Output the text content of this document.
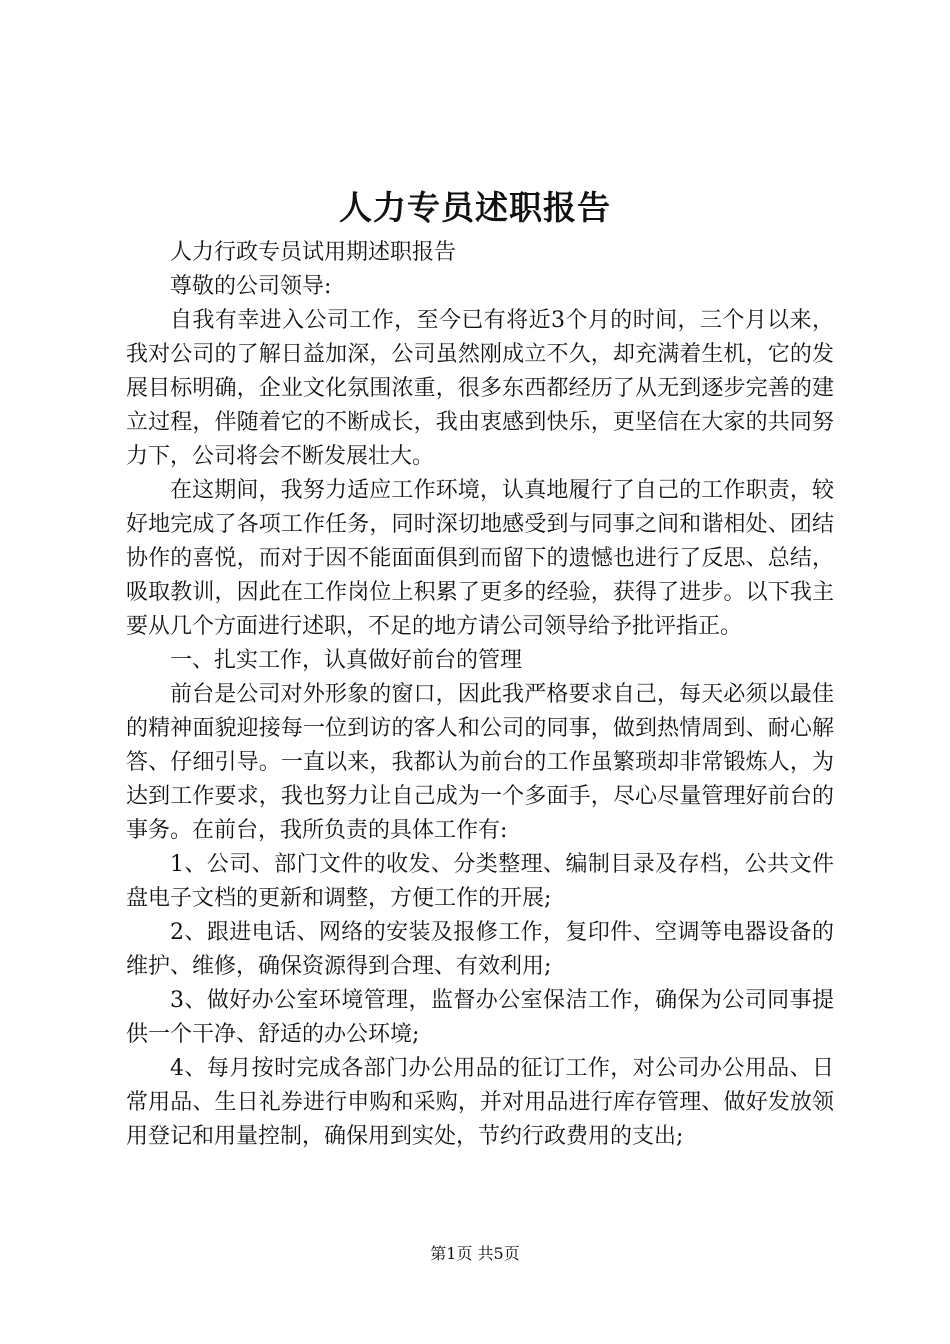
人力专员述职报告

人力行政专员试用期述职报告

尊敬的公司领导:

自我有幸进入公司工作，至今已有将近3个月的时间，三个月以来，我对公司的了解日益加深，公司虽然刚成立不久，却充满着生机，它的发展目标明确，企业文化氛围浓重，很多东西都经历了从无到逐步完善的建立过程，伴随着它的不断成长，我由衷感到快乐，更坚信在大家的共同努力下，公司将会不断发展壮大。

在这期间，我努力适应工作环境，认真地履行了自己的工作职责，较好地完成了各项工作任务，同时深切地感受到与同事之间和谐相处、团结协作的喜悦，而对于因不能面面俱到而留下的遗憾也进行了反思、总结，吸取教训，因此在工作岗位上积累了更多的经验，获得了进步。以下我主要从几个方面进行述职，不足的地方请公司领导给予批评指正。

一、扎实工作，认真做好前台的管理

前台是公司对外形象的窗口，因此我严格要求自己，每天必须以最佳的精神面貌迎接每一位到访的客人和公司的同事，做到热情周到、耐心解答、仔细引导。一直以来，我都认为前台的工作虽繁琐却非常锻炼人，为达到工作要求，我也努力让自己成为一个多面手，尽心尽量管理好前台的事务。在前台，我所负责的具体工作有:

1、公司、部门文件的收发、分类整理、编制目录及存档，公共文件盘电子文档的更新和调整，方便工作的开展;

2、跟进电话、网络的安装及报修工作，复印件、空调等电器设备的维护、维修，确保资源得到合理、有效利用;

3、做好办公室环境管理，监督办公室保洁工作，确保为公司同事提供一个干净、舒适的办公环境;

4、每月按时完成各部门办公用品的征订工作，对公司办公用品、日常用品、生日礼券进行申购和采购，并对用品进行库存管理、做好发放领用登记和用量控制，确保用到实处，节约行政费用的支出;

第1页 共5页
